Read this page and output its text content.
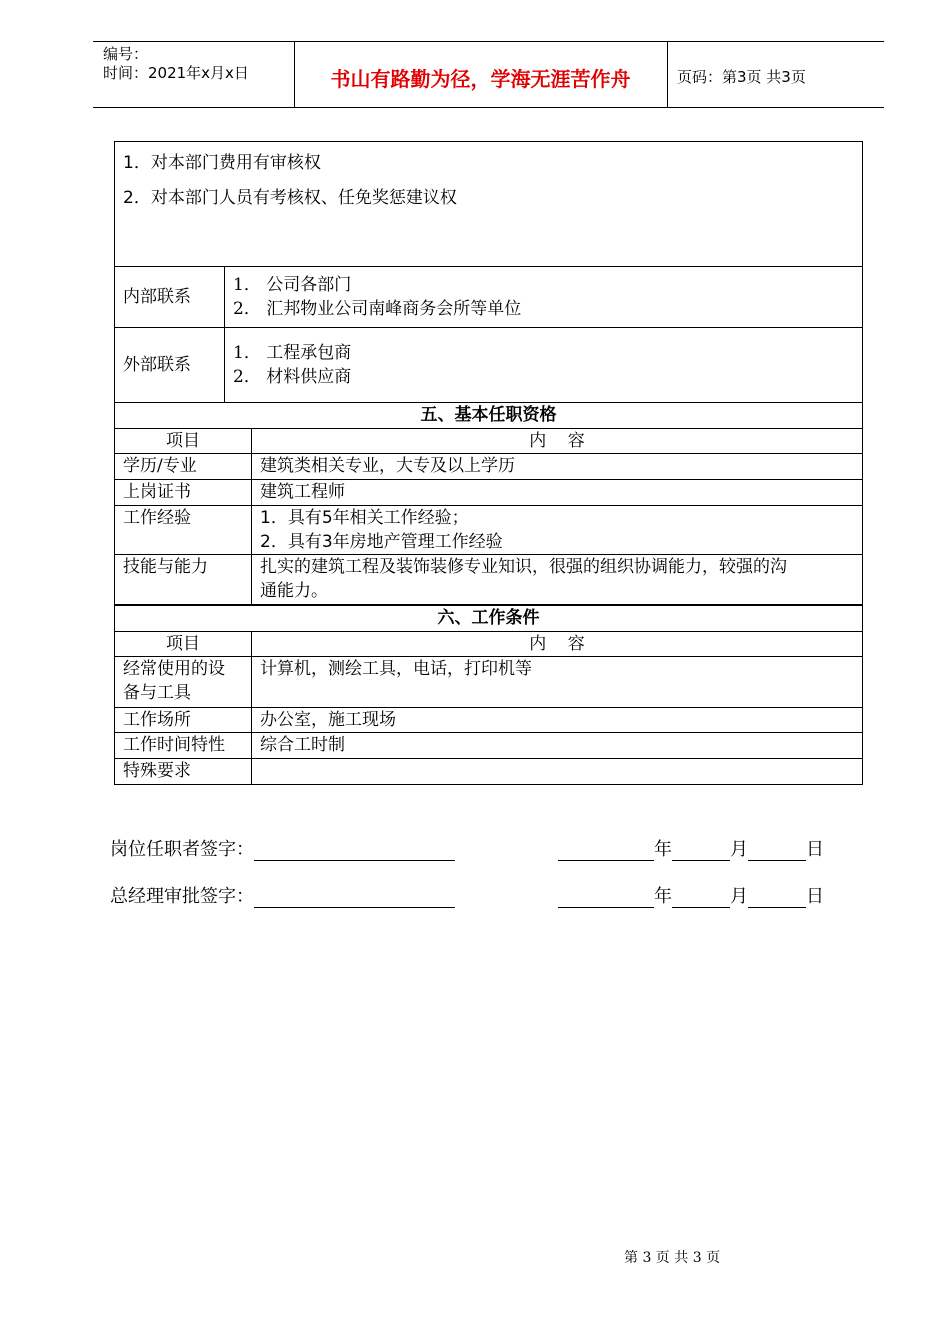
编号：
时间：2021年x月x日	书山有路勤为径，学海无涯苦作舟	页码：第3页 共3页
1．对本部门费用有审核权
2．对本部门人员有考核权、任免奖惩建议权	

内部联系	1． 公司各部门
2． 汇邦物业公司南峰商务会所等单位

外部联系	1． 工程承包商
2． 材料供应商
五、基本任职资格	
项目	内    容
学历/专业	建筑类相关专业，大专及以上学历
上岗证书	建筑工程师
工作经验	1．具有5年相关工作经验；
2．具有3年房地产管理工作经验

技能与能力	扎实的建筑工程及装饰装修专业知识，很强的组织协调能力，较强的沟
通能力。
六、工作条件	
项目	内    容

经常使用的设
备与工具	计算机，测绘工具，电话，打印机等
工作场所	办公室，施工现场
工作时间特性	综合工时制
特殊要求	
岗位任职者签字：	年	月	日
总经理审批签字：	年	月	日
第 3 页 共 3 页
